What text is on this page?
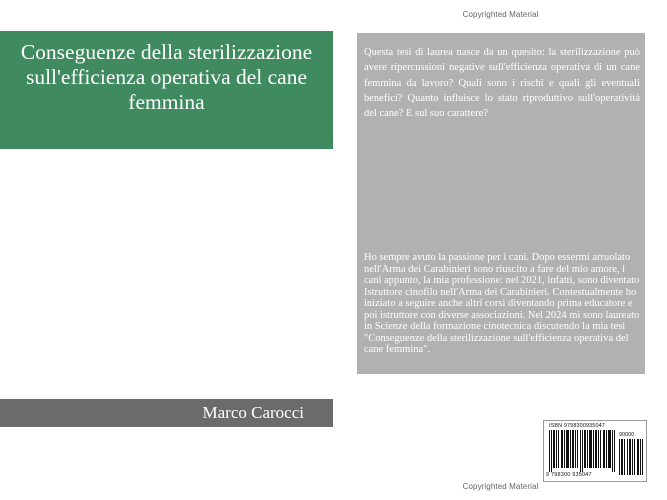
Copyrighted Material
Conseguenze della sterilizzazione sull'efficienza operativa del cane femmina
Marco Carocci

Questa tesi di laurea nasce da un quesito: la sterilizzazione può avere ripercussioni negative sull'efficienza operativa di un cane femmina da lavoro? Quali sono i rischi e quali gli eventuali benefici? Quanto influisce lo stato riproduttivo sull'operatività del cane? E sul suo carattere?

Ho sempre avuto la passione per i cani. Dopo essermi arruolato nell'Arma dei Carabinieri sono riuscito a fare del mio amore, i cani appunto, la mia professione: nel 2021, infatti, sono diventato Istruttore cinofilo nell'Arma dei Carabinieri. Contestualmente ho iniziato a seguire anche altri corsi diventando prima educatore e poi istruttore con diverse associazioni. Nel 2024 mi sono laureato in Scienze della formazione cinotecnica discutendo la mia tesi "Conseguenze della sterilizzazione sull'efficienza operativa del cane femmina".

ISBN 9798300935047
90000
9 798300 935047
Copyrighted Material
